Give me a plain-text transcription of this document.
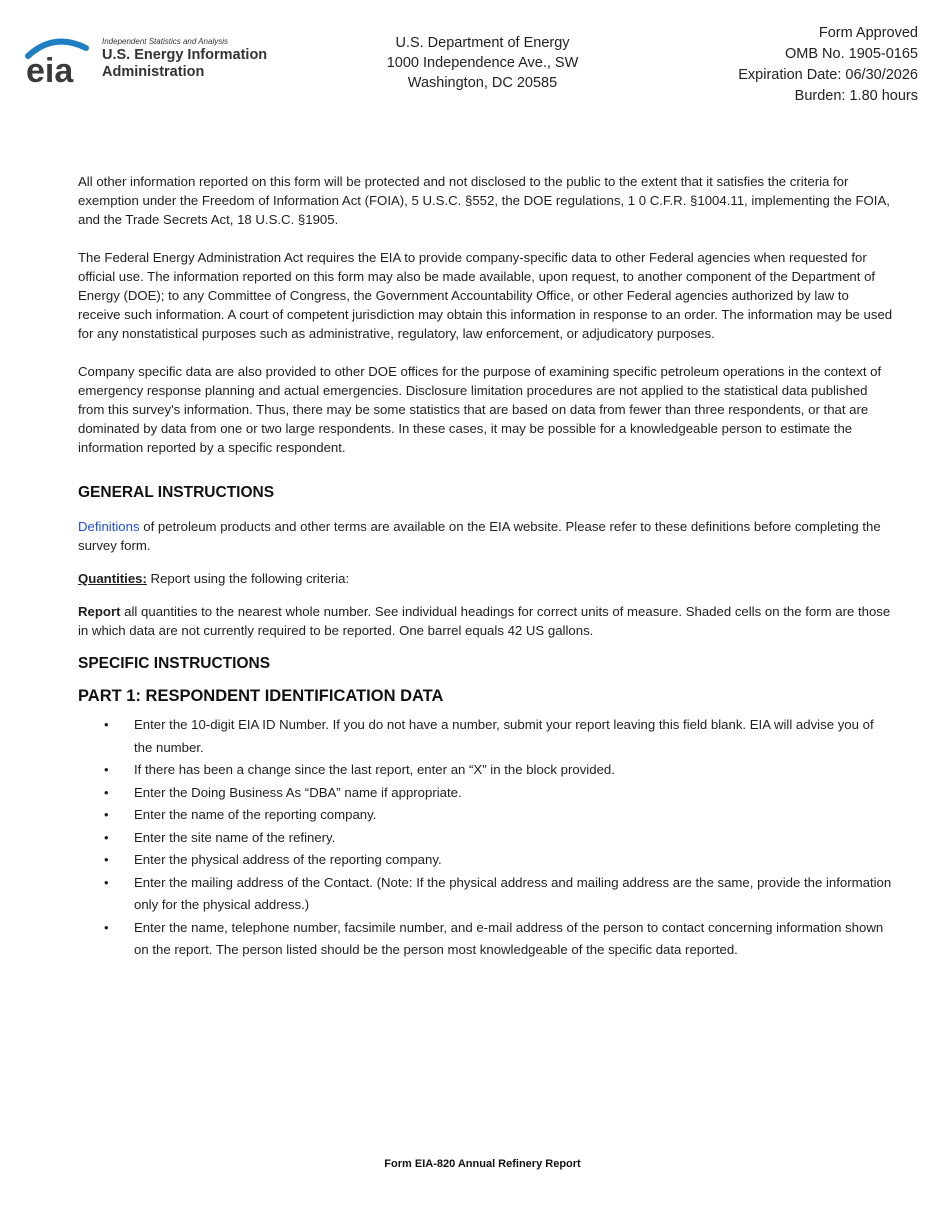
eia
Independent Statistics and Analysis
U.S. Energy Information
Administration
U.S. Department of Energy
1000 Independence Ave., SW
Washington, DC 20585
Form Approved
OMB No. 1905-0165
Expiration Date: 06/30/2026
Burden: 1.80 hours

All other information reported on this form will be protected and not disclosed to the public to the extent that it satisfies the criteria for exemption under the Freedom of Information Act (FOIA), 5 U.S.C. §552, the DOE regulations, 1 0 C.F.R. §1004.11, implementing the FOIA, and the Trade Secrets Act, 18 U.S.C. §1905.

The Federal Energy Administration Act requires the EIA to provide company-specific data to other Federal agencies when requested for official use. The information reported on this form may also be made available, upon request, to another component of the Department of Energy (DOE); to any Committee of Congress, the Government Accountability Office, or other Federal agencies authorized by law to receive such information. A court of competent jurisdiction may obtain this information in response to an order. The information may be used for any nonstatistical purposes such as administrative, regulatory, law enforcement, or adjudicatory purposes.

Company specific data are also provided to other DOE offices for the purpose of examining specific petroleum operations in the context of emergency response planning and actual emergencies. Disclosure limitation procedures are not applied to the statistical data published from this survey's information. Thus, there may be some statistics that are based on data from fewer than three respondents, or that are dominated by data from one or two large respondents. In these cases, it may be possible for a knowledgeable person to estimate the information reported by a specific respondent.

GENERAL INSTRUCTIONS

Definitions of petroleum products and other terms are available on the EIA website. Please refer to these definitions before completing the survey form.

Quantities: Report using the following criteria:

Report all quantities to the nearest whole number. See individual headings for correct units of measure. Shaded cells on the form are those in which data are not currently required to be reported. One barrel equals 42 US gallons.

SPECIFIC INSTRUCTIONS
PART 1: RESPONDENT IDENTIFICATION DATA
• Enter the 10-digit EIA ID Number. If you do not have a number, submit your report leaving this field blank. EIA will advise you of the number.
• If there has been a change since the last report, enter an “X” in the block provided.
• Enter the Doing Business As “DBA” name if appropriate.
• Enter the name of the reporting company.
• Enter the site name of the refinery.
• Enter the physical address of the reporting company.
• Enter the mailing address of the Contact. (Note: If the physical address and mailing address are the same, provide the information only for the physical address.)
• Enter the name, telephone number, facsimile number, and e-mail address of the person to contact concerning information shown on the report. The person listed should be the person most knowledgeable of the specific data reported.
Form EIA-820 Annual Refinery Report
